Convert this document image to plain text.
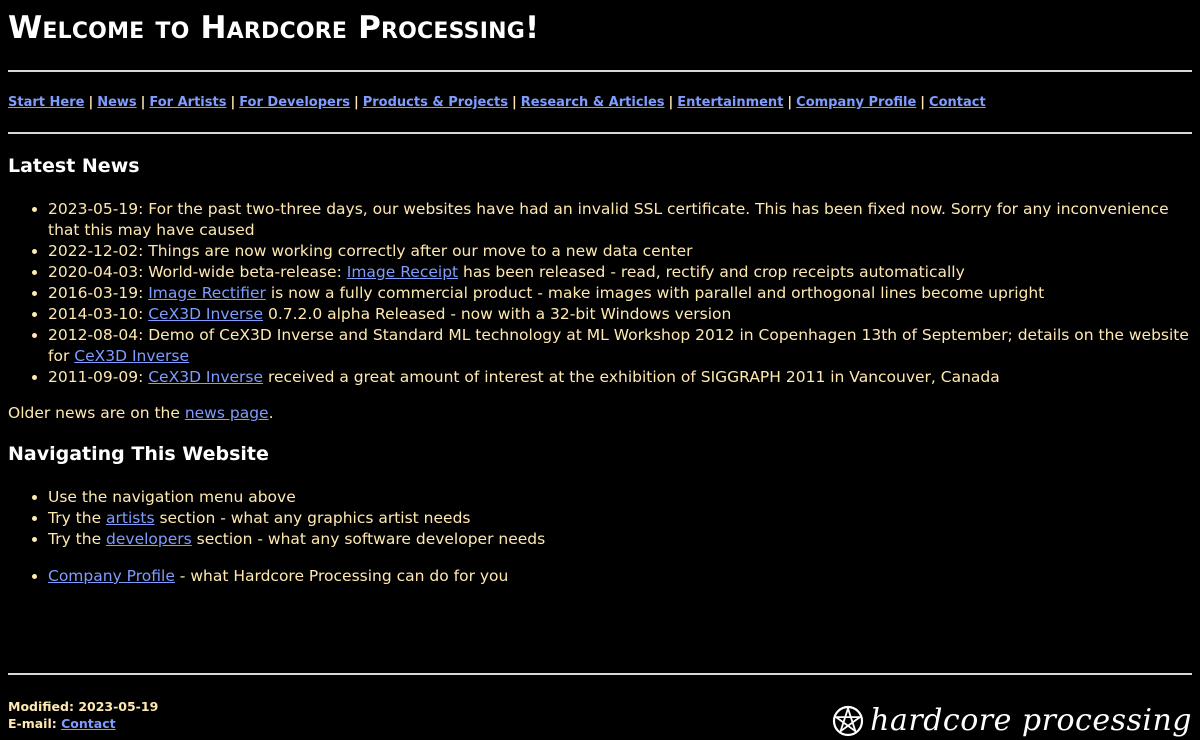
Welcome to Hardcore Processing!
Start Here | News | For Artists | For Developers | Products & Projects | Research & Articles | Entertainment | Company Profile | Contact
Latest News
• 2023-05-19: For the past two-three days, our websites have had an invalid SSL certificate. This has been fixed now. Sorry for any inconvenience that this may have caused
• 2022-12-02: Things are now working correctly after our move to a new data center
• 2020-04-03: World-wide beta-release: Image Receipt has been released - read, rectify and crop receipts automatically
• 2016-03-19: Image Rectifier is now a fully commercial product - make images with parallel and orthogonal lines become upright
• 2014-03-10: CeX3D Inverse 0.7.2.0 alpha Released - now with a 32-bit Windows version
• 2012-08-04: Demo of CeX3D Inverse and Standard ML technology at ML Workshop 2012 in Copenhagen 13th of September; details on the website for CeX3D Inverse
• 2011-09-09: CeX3D Inverse received a great amount of interest at the exhibition of SIGGRAPH 2011 in Vancouver, Canada
Older news are on the news page.
Navigating This Website
• Use the navigation menu above
• Try the artists section - what any graphics artist needs
• Try the developers section - what any software developer needs
• Company Profile - what Hardcore Processing can do for you
Modified: 2023-05-19
E-mail: Contact	hardcore processing
